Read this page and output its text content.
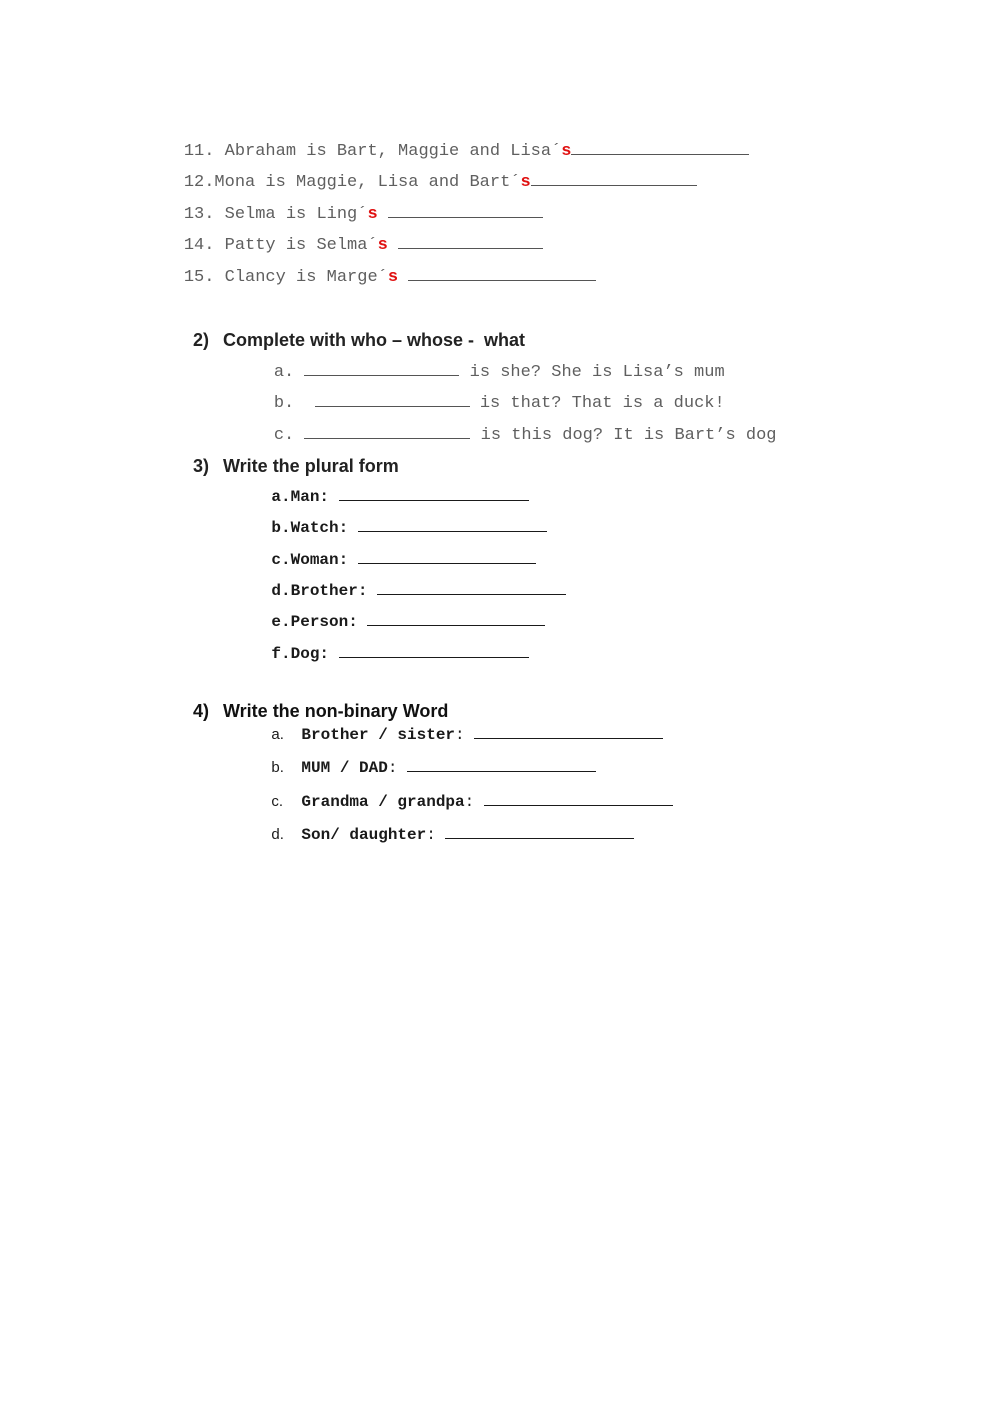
11. Abraham is Bart, Maggie and Lisa´s

12.Mona is Maggie, Lisa and Bart´s

13. Selma is Ling´s

14. Patty is Selma´s

15. Clancy is Marge´s

2) Complete with who – whose -  what

a.	is she? She is Lisa’s mum

b.	is that? That is a duck!

c.	is this dog? It is Bart’s dog

3) Write the plural form

a.Man:

b.Watch:

c.Woman:

d.Brother:

e.Person:

f.Dog:

4) Write the non-binary Word

a. Brother / sister:

b. MUM / DAD:

c. Grandma / grandpa:

d. Son/ daughter:
